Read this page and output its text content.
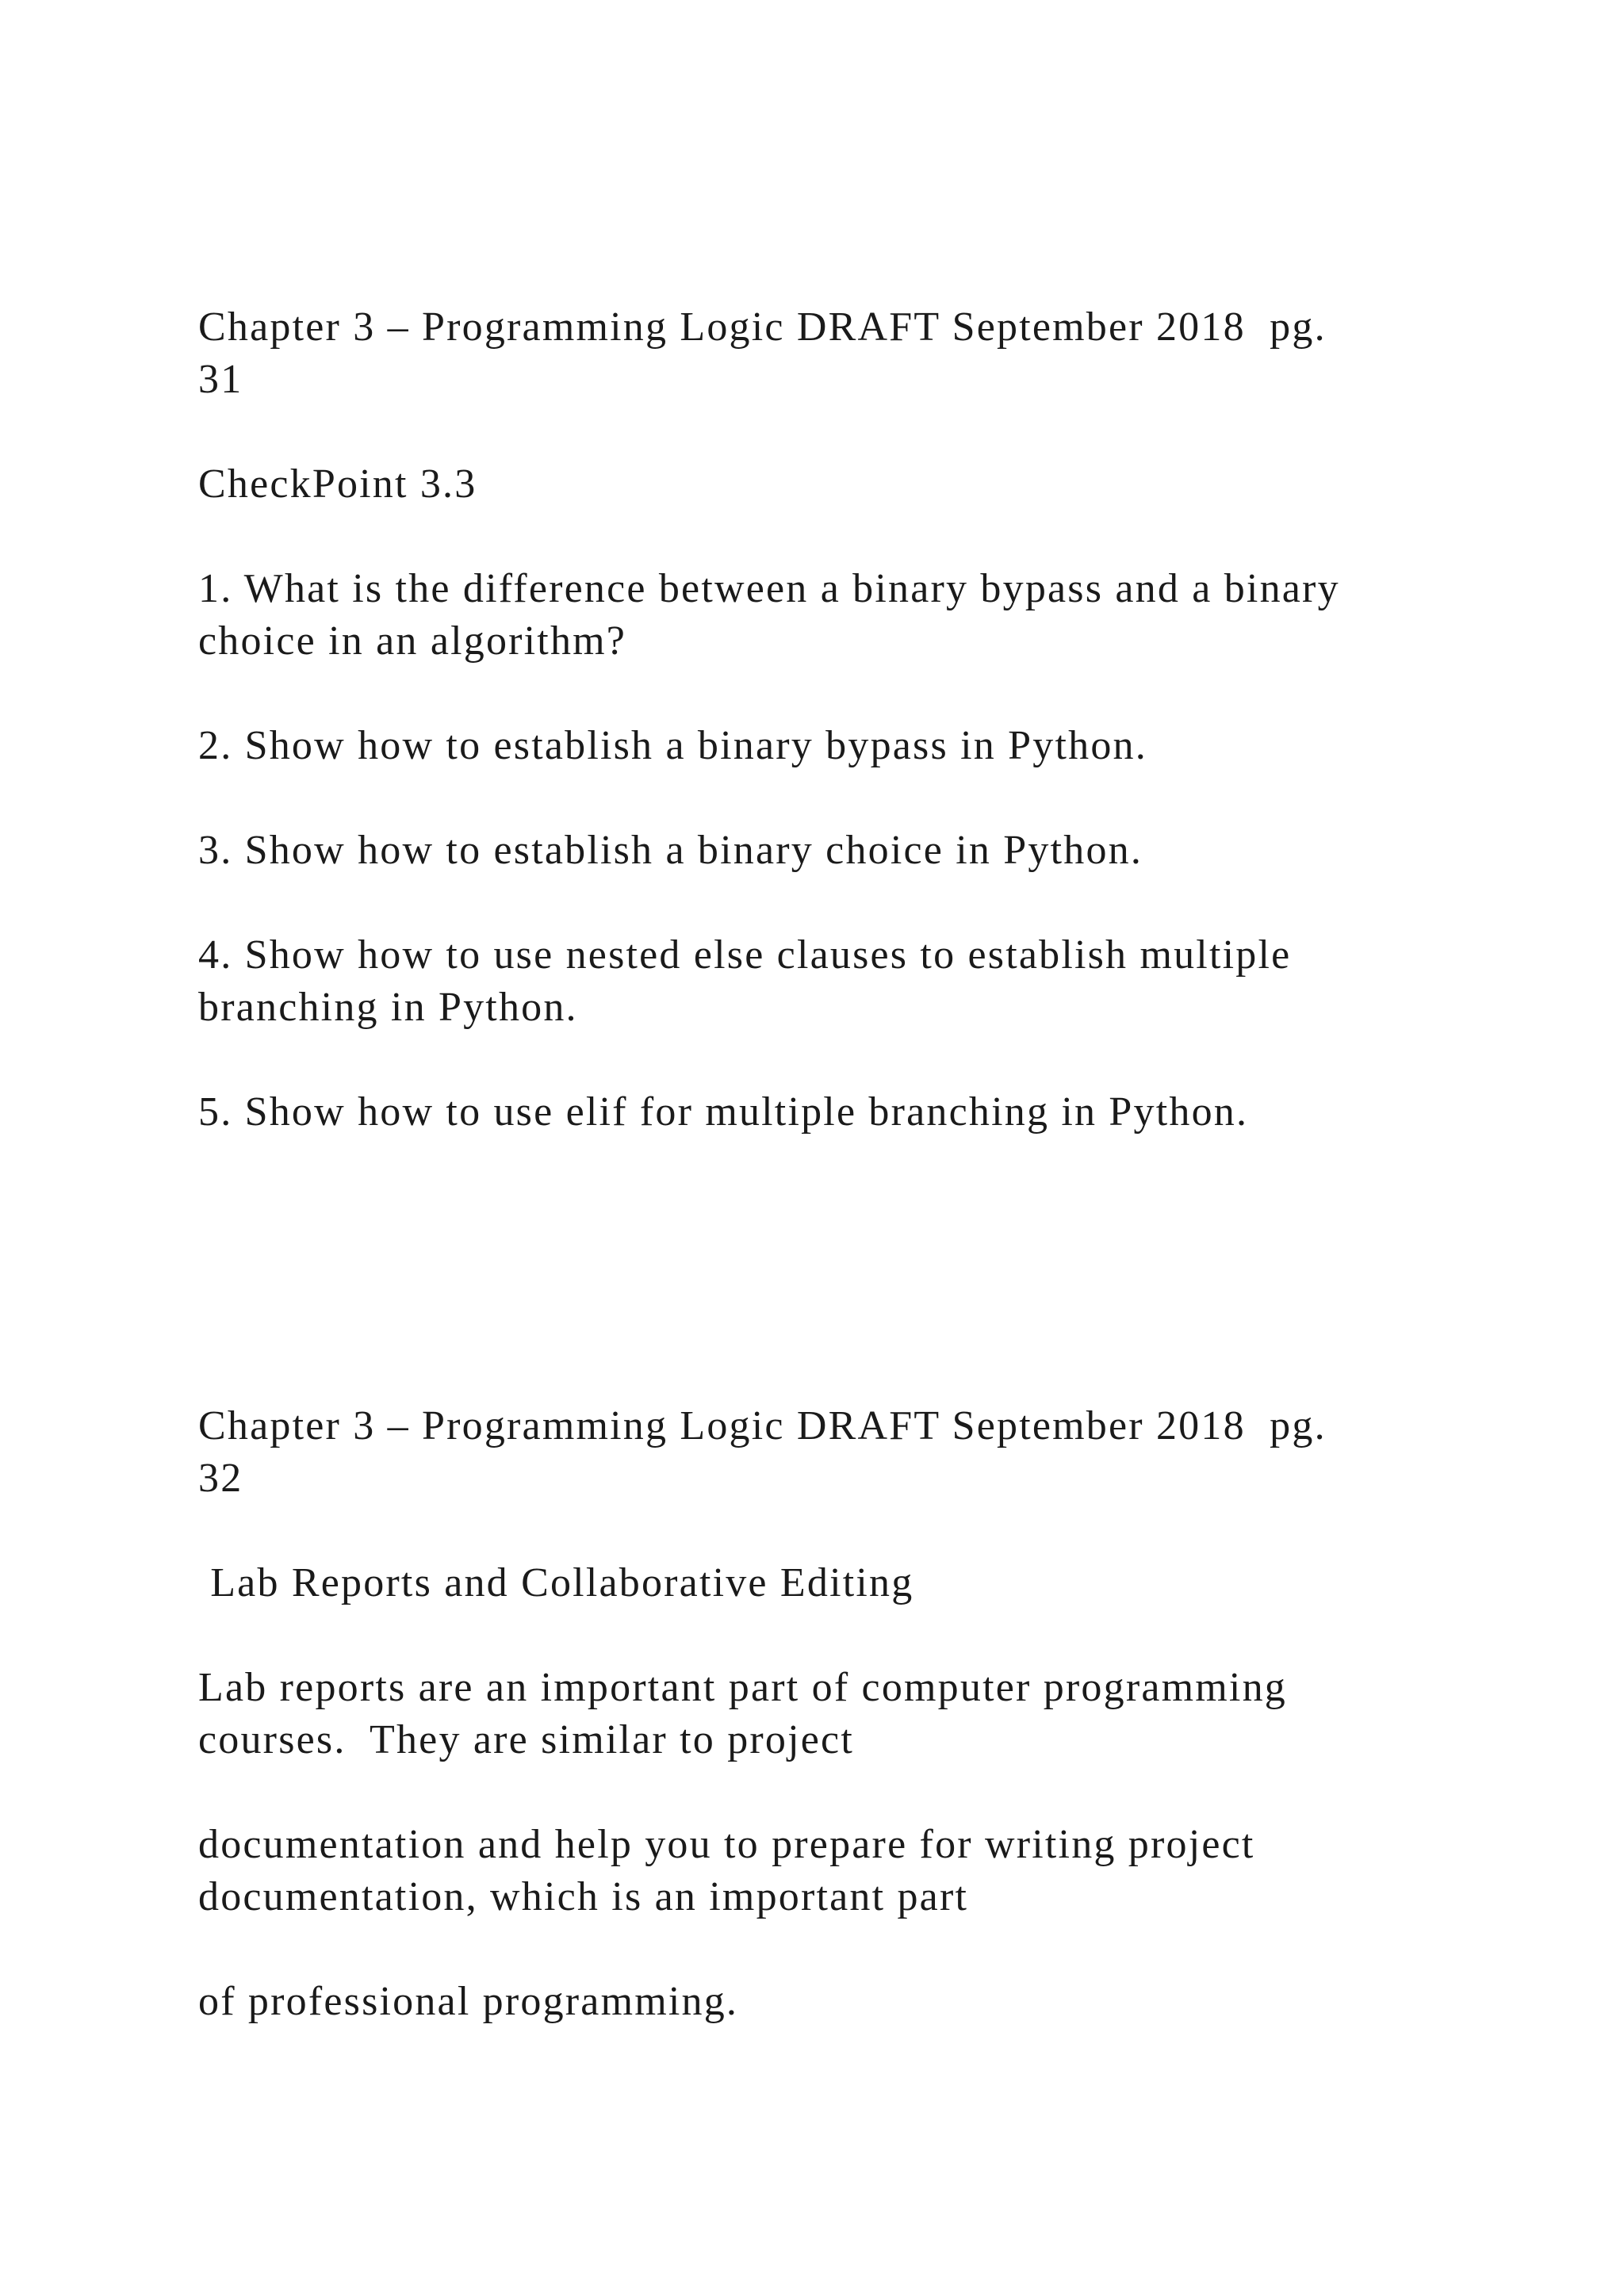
Chapter 3 – Programming Logic DRAFT September 2018  pg.

31

CheckPoint 3.3

1. What is the difference between a binary bypass and a binary

choice in an algorithm?

2. Show how to establish a binary bypass in Python.

3. Show how to establish a binary choice in Python.

4. Show how to use nested else clauses to establish multiple

branching in Python.

5. Show how to use elif for multiple branching in Python.

Chapter 3 – Programming Logic DRAFT September 2018  pg.

32

Lab Reports and Collaborative Editing

Lab reports are an important part of computer programming

courses.  They are similar to project

documentation and help you to prepare for writing project

documentation, which is an important part

of professional programming.
